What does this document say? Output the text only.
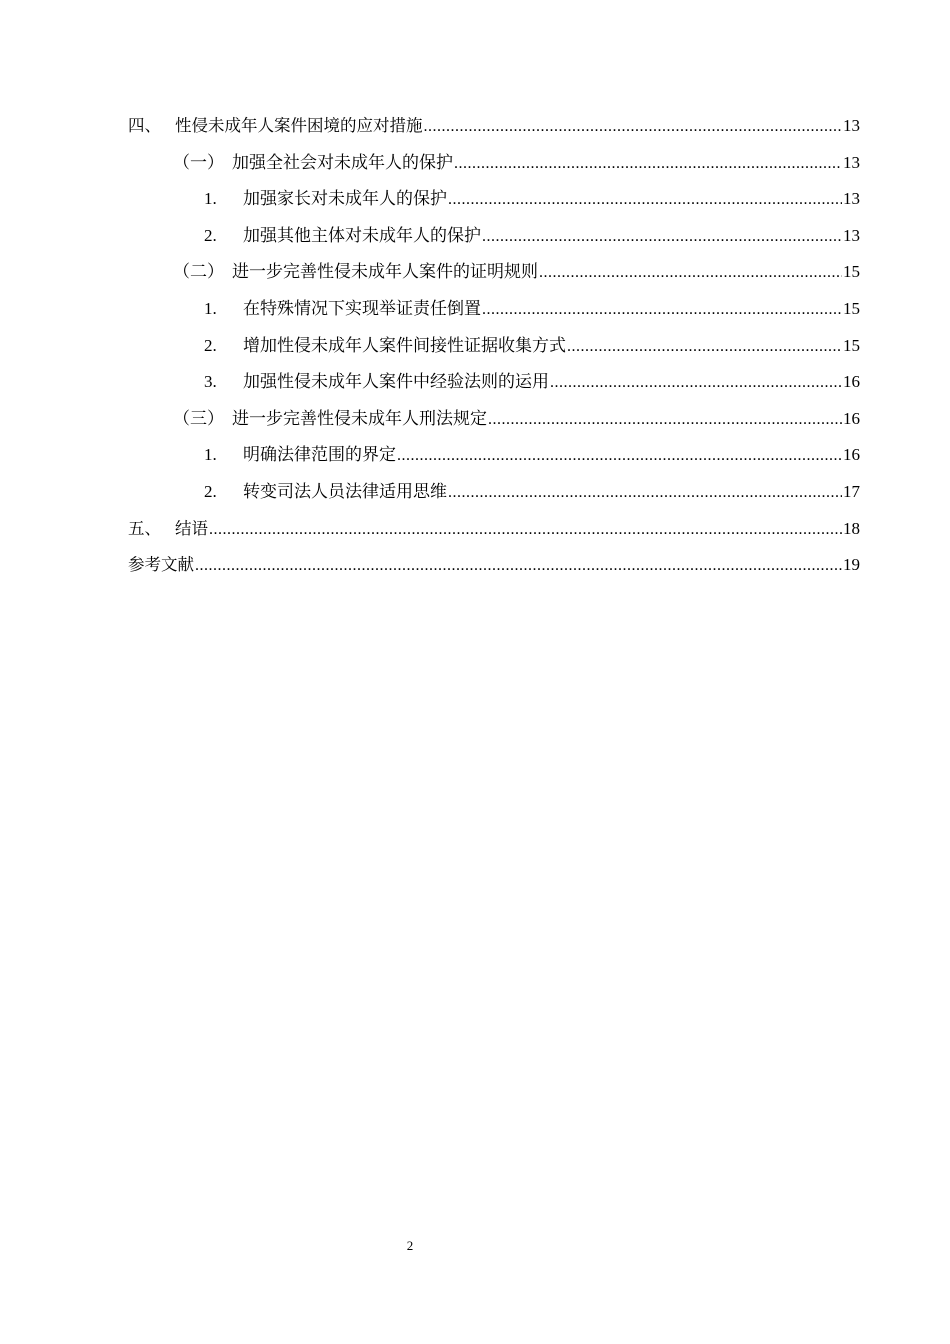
四、 性侵未成年人案件困境的应对措施 .....	13
（一） 加强全社会对未成年人的保护 .....	13
1.	加强家长对未成年人的保护 .....	13
2.	加强其他主体对未成年人的保护 .....	13
（二） 进一步完善性侵未成年人案件的证明规则 .....	15
1.	在特殊情况下实现举证责任倒置 .....	15
2.	增加性侵未成年人案件间接性证据收集方式 .....	15
3.	加强性侵未成年人案件中经验法则的运用 .....	16
（三） 进一步完善性侵未成年人刑法规定 .....	16
1.	明确法律范围的界定 .....	16
2.	转变司法人员法律适用思维 .....	17
五、 结语 .....	18
参考文献 .....	19
2
